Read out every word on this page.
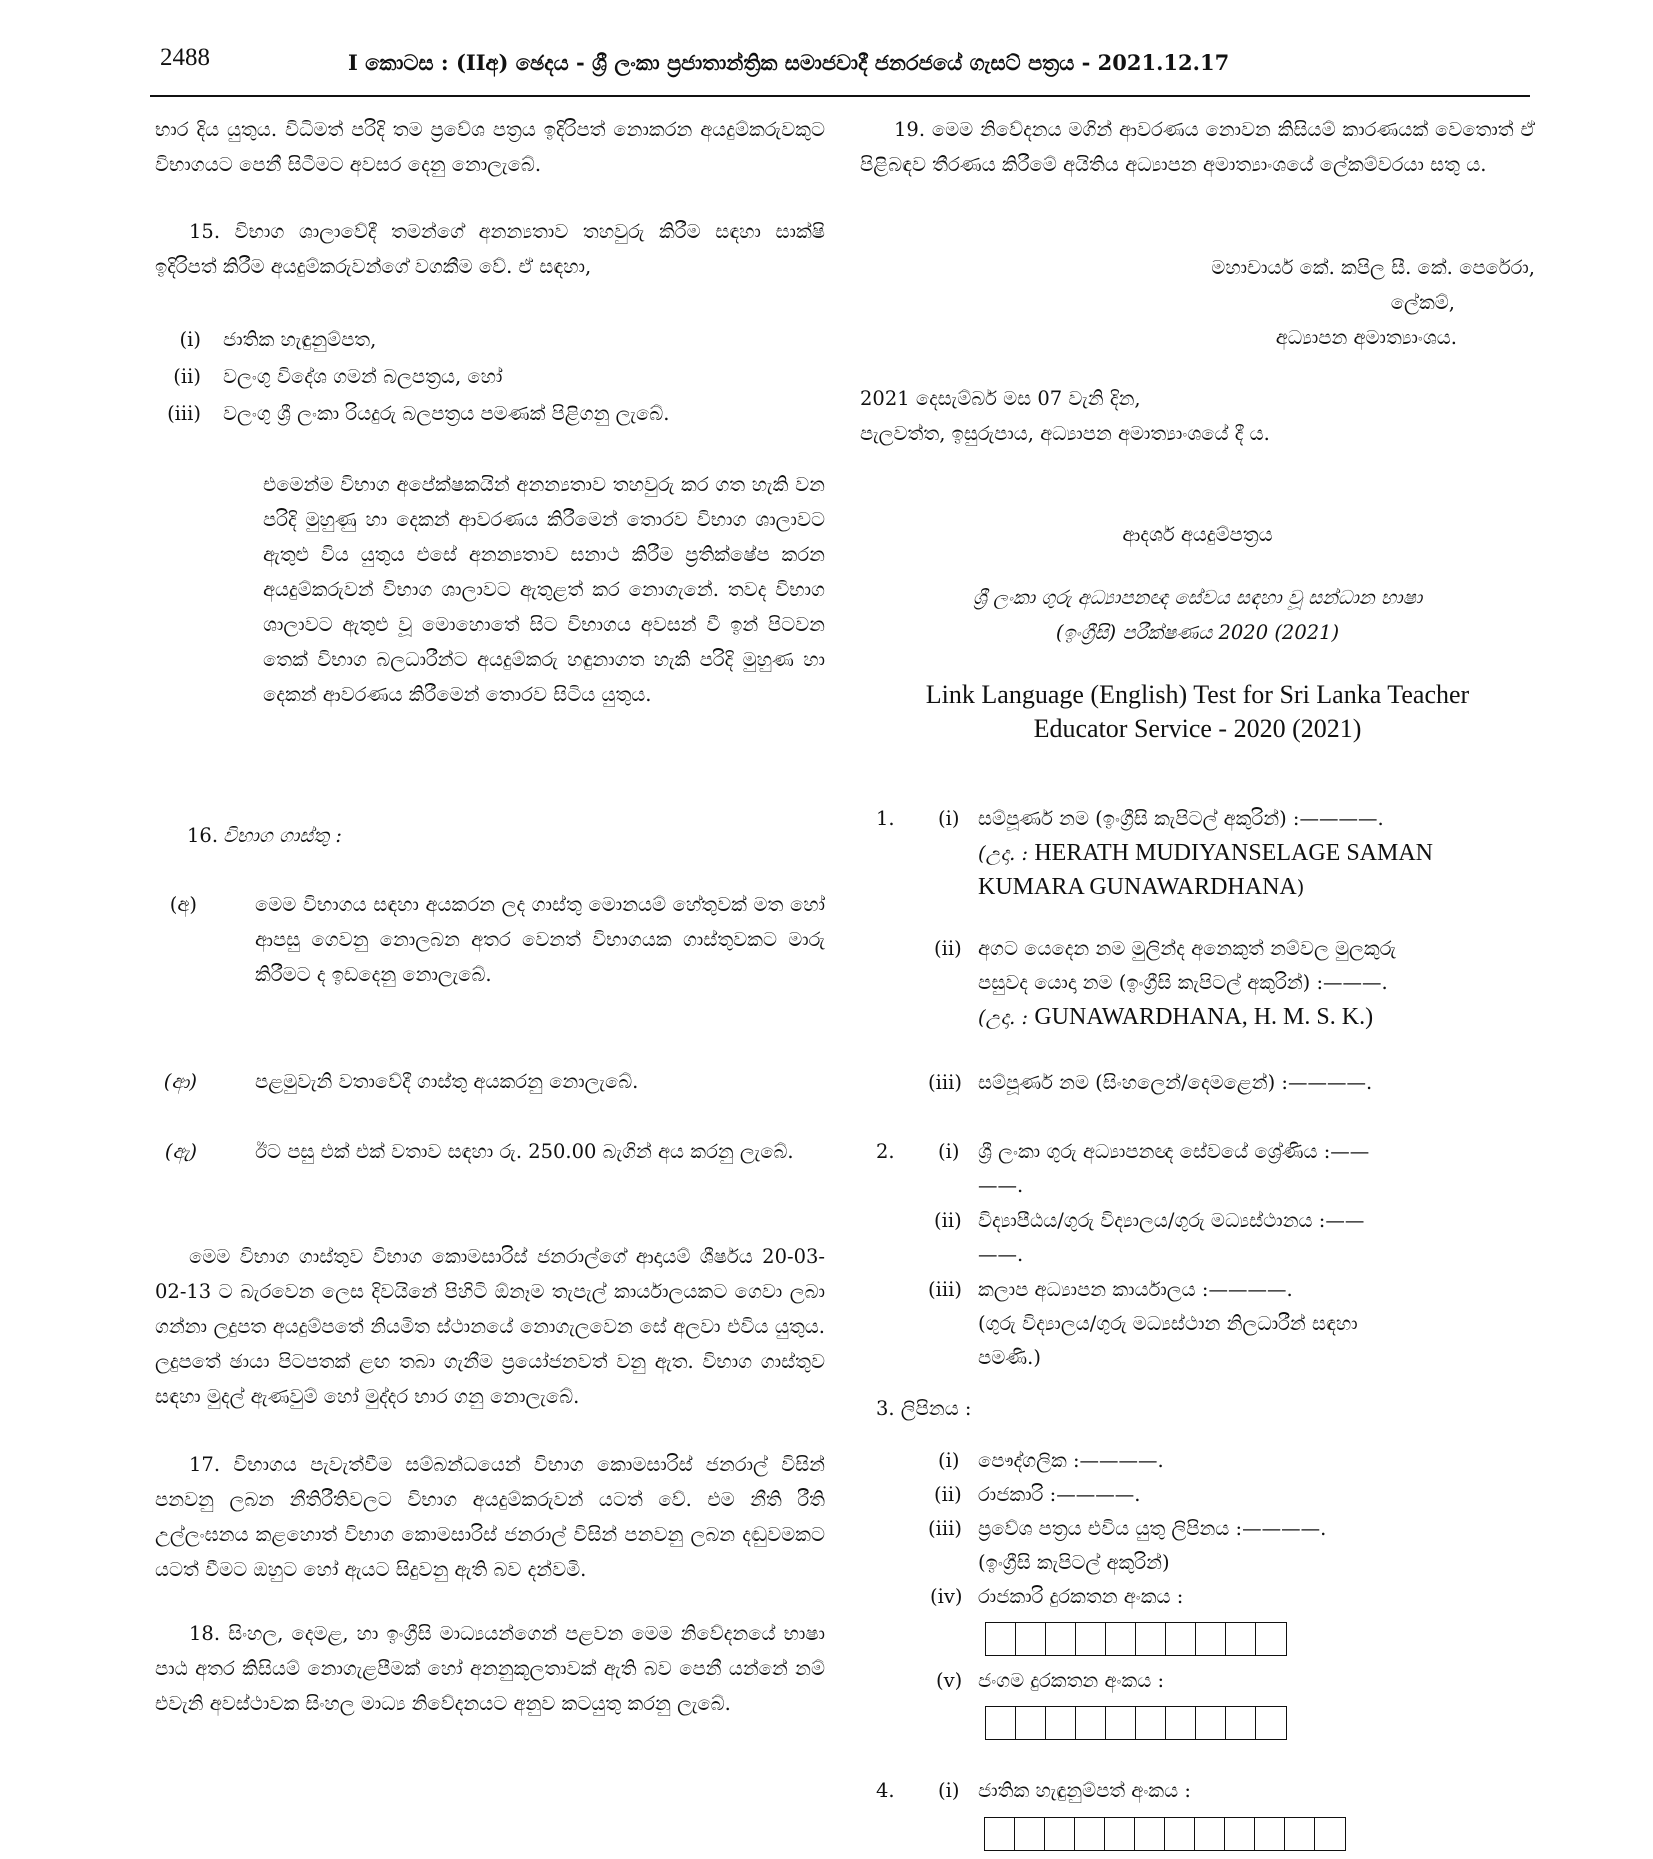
2488	I කොටස : (IIඅ) ඡෙදය - ශ්‍රී ලංකා ප්‍රජාතාන්ත්‍රික සමාජවාදී ජනරජයේ ගැසට් පත්‍රය - 2021.12.17

භාර දිය යුතුය. විධිමත් පරිදි තම ප්‍රවේශ පත්‍රය ඉදිරිපත් නොකරන අයදුම්කරුවකුට විභාගයට පෙනී සිටීමට අවසර දෙනු නොලැබේ.

15. විභාග ශාලාවේදී තමන්ගේ අනන්‍යතාව තහවුරු කිරීම සඳහා සාක්ෂි ඉදිරිපත් කිරීම අයදුම්කරුවන්ගේ වගකීම වේ. ඒ සඳහා,

(i) ජාතික හැඳුනුම්පත,
(ii) වලංගු විදේශ ගමන් බලපත්‍රය, හෝ
(iii) වලංගු ශ්‍රී ලංකා රියදුරු බලපත්‍රය පමණක් පිළිගනු ලැබේ.

එමෙන්ම විභාග අපේක්ෂකයින් අනන්‍යතාව තහවුරු කර ගත හැකි වන පරිදි මුහුණු හා දෙකන් ආවරණය කිරීමෙන් තොරව විභාග ශාලාවට ඇතුළු විය යුතුය එසේ අනන්‍යතාව සනාථ කිරීම ප්‍රතික්ෂේප කරන අයදුම්කරුවන් විභාග ශාලාවට ඇතුළත් කර නොගැනේ. තවද විභාග ශාලාවට ඇතුළු වූ මොහොතේ සිට විභාගය අවසන් වී ඉන් පිටවන තෙක් විභාග බලධාරීන්ට අයදුම්කරු හඳුනාගත හැකි පරිදි මුහුණ හා දෙකන් ආවරණය කිරීමෙන් තොරව සිටිය යුතුය.

16. විභාග ගාස්තු :
(අ)	මෙම විභාගය සඳහා අයකරන ලද ගාස්තු මොනයම් හේතුවක් මත හෝ ආපසු ගෙවනු නොලබන අතර වෙනත් විභාගයක ගාස්තුවකට මාරු කිරීමට ද ඉඩදෙනු නොලැබේ.

(ආ)	පළමුවැනි වතාවේදී ගාස්තු අයකරනු නොලැබේ.

(ඇ)	ඊට පසු එක් එක් වතාව සඳහා රු. 250.00 බැගින් අය කරනු ලැබේ.

මෙම විභාග ගාස්තුව විභාග කොමසාරිස් ජනරාල්ගේ ආදායම් ශීර්ෂය 20-03-02-13 ට බැරවෙන ලෙස දිවයිනේ පිහිටි ඕනෑම තැපැල් කාර්යාලයකට ගෙවා ලබා ගන්නා ලදුපත අයදුම්පතේ නියමිත ස්ථානයේ නොගැලවෙන සේ අලවා එවිය යුතුය. ලදුපතේ ඡායා පිටපතක් ළඟ තබා ගැනීම ප්‍රයෝජනවත් වනු ඇත. විභාග ගාස්තුව සඳහා මුදල් ඇණවුම් හෝ මුද්දර භාර ගනු නොලැබේ.

17. විභාගය පැවැත්වීම සම්බන්ධයෙන් විභාග කොමසාරිස් ජනරාල් විසින් පනවනු ලබන නීතිරීතිවලට විභාග අයදුම්කරුවන් යටත් වේ. එම නීති රීති උල්ලංඝනය කළහොත් විභාග කොමසාරිස් ජනරාල් විසින් පනවනු ලබන දඬුවමකට යටත් වීමට ඔහුට හෝ ඇයට සිදුවනු ඇති බව දන්වමි.

18. සිංහල, දෙමළ, හා ඉංග්‍රීසි මාධ්‍යයන්ගෙන් පළවන මෙම නිවේදනයේ භාෂා පාඨ අතර කිසියම් නොගැළපීමක් හෝ අනනුකූලතාවක් ඇති බව පෙනී යන්නේ නම් එවැනි අවස්ථාවක සිංහල මාධ්‍ය නිවේදනයට අනුව කටයුතු කරනු ලැබේ.

19. මෙම නිවේදනය මගින් ආවරණය නොවන කිසියම් කාරණයක් වෙතොත් ඒ පිළිබඳව තීරණය කිරීමේ අයිතිය අධ්‍යාපන අමාත්‍යාංශයේ ලේකම්වරයා සතු ය.

මහාචාර්ය කේ. කපිල සී. කේ. පෙරේරා,
ලේකම්,
අධ්‍යාපන අමාත්‍යාංශය.
2021 දෙසැම්බර් මස 07 වැනි දින,
පැලවත්ත, ඉසුරුපාය, අධ්‍යාපන අමාත්‍යාංශයේ දී ය.
ආදර්ශ අයදුම්පත්‍රය
ශ්‍රී ලංකා ගුරු අධ්‍යාපනඥ සේවය සඳහා වූ සන්ධාන භාෂා
(ඉංග්‍රීසි) පරීක්ෂණය 2020 (2021)
Link Language (English) Test for Sri Lanka Teacher
Educator Service - 2020 (2021)
1. (i) සම්පූර්ණ නම (ඉංග්‍රීසි කැපිටල් අකුරින්) :————.
(උදා. : HERATH MUDIYANSELAGE SAMAN
KUMARA GUNAWARDHANA)
(ii) අගට යෙදෙන නම මුලින්ද අනෙකුත් නම්වල මුලකුරු
පසුවද යොදා නම (ඉංග්‍රීසි කැපිටල් අකුරින්) :———.
(උදා. : GUNAWARDHANA, H. M. S. K.)
(iii) සම්පූර්ණ නම (සිංහලෙන්/දෙමළෙන්) :————.
2. (i) ශ්‍රී ලංකා ගුරු අධ්‍යාපනඥ සේවයේ ශ්‍රේණිය :——
——.
(ii) විද්‍යාපීඨය/ගුරු විද්‍යාලය/ගුරු මධ්‍යස්ථානය :——
——.
(iii) කලාප අධ්‍යාපන කාර්යාලය :————.
(ගුරු විද්‍යාලය/ගුරු මධ්‍යස්ථාන නිලධාරීන් සඳහා
පමණි.)
3. ලිපිනය :
(i) පෞද්ගලික :————.
(ii) රාජකාරි :————.
(iii) ප්‍රවේශ පත්‍රය එවිය යුතු ලිපිනය :————.
(ඉංග්‍රීසි කැපිටල් අකුරින්)
(iv) රාජකාරි දුරකතන අංකය :
(v) ජංගම දුරකතන අංකය :
4. (i) ජාතික හැඳුනුම්පත් අංකය :
